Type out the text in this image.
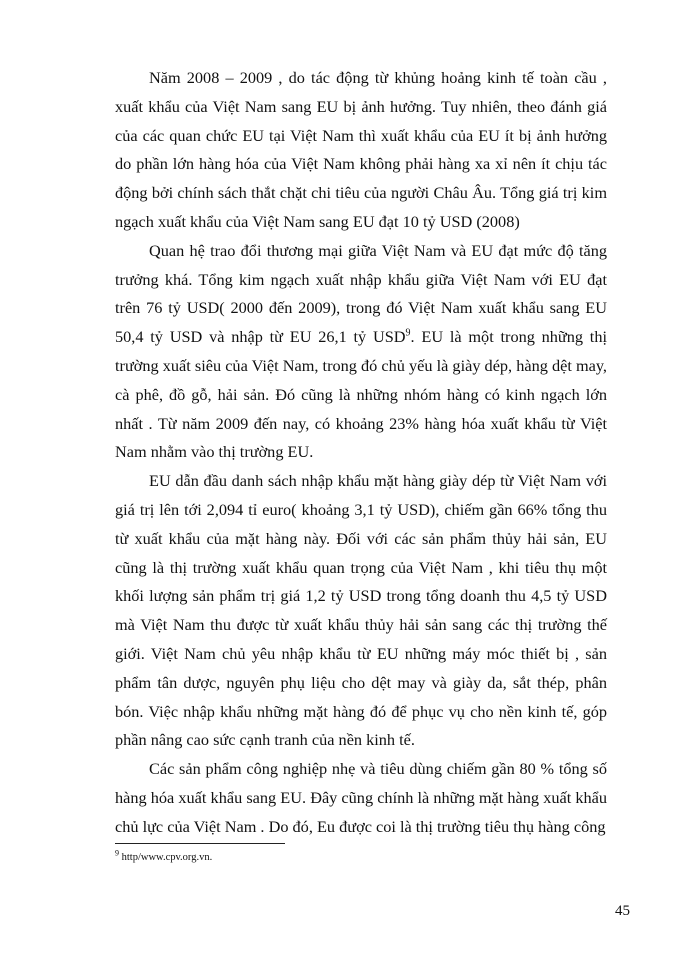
Năm 2008 – 2009 , do tác động từ khủng hoảng kinh tế toàn cầu , xuất khẩu của Việt Nam sang EU bị ảnh hưởng. Tuy nhiên, theo đánh giá của các quan chức EU tại Việt Nam thì xuất khẩu của EU ít bị ảnh hưởng do phần lớn hàng hóa của Việt Nam không phải hàng xa xỉ nên ít chịu tác động bởi chính sách thắt chặt chi tiêu của người Châu Âu. Tổng giá trị kim ngạch xuất khẩu của Việt Nam sang EU đạt 10 tỷ USD (2008)

Quan hệ trao đổi thương mại giữa Việt Nam và EU đạt mức độ tăng trưởng khá. Tổng kim ngạch xuất nhập khẩu giữa Việt Nam với EU đạt trên 76 tỷ USD( 2000 đến 2009), trong đó Việt Nam xuất khẩu sang EU 50,4 tỷ USD và nhập từ EU 26,1 tỷ USD$^9$. EU là một trong những thị trường xuất siêu của Việt Nam, trong đó chủ yếu là giày dép, hàng dệt may, cà phê, đồ gỗ, hải sản. Đó cũng là những nhóm hàng có kinh ngạch lớn nhất . Từ năm 2009 đến nay, có khoảng 23% hàng hóa xuất khẩu từ Việt Nam nhằm vào thị trường EU.

EU dẫn đầu danh sách nhập khẩu mặt hàng giày dép từ Việt Nam với giá trị lên tới 2,094 tỉ euro( khoảng 3,1 tỷ USD), chiếm gần 66% tổng thu từ xuất khẩu của mặt hàng này. Đối với các sản phẩm thủy hải sản, EU cũng là thị trường xuất khẩu quan trọng của Việt Nam , khi tiêu thụ một khối lượng sản phẩm trị giá 1,2 tỷ USD trong tổng doanh thu 4,5 tỷ USD mà Việt Nam thu được từ xuất khẩu thủy hải sản sang các thị trường thế giới. Việt Nam chủ yêu nhập khẩu từ EU những máy móc thiết bị , sản phẩm tân dược, nguyên phụ liệu cho dệt may và giày da, sắt thép, phân bón. Việc nhập khẩu những mặt hàng đó để phục vụ cho nền kinh tế, góp phần nâng cao sức cạnh tranh của nền kinh tế.

Các sản phẩm công nghiệp nhẹ và tiêu dùng chiếm gần 80 % tổng số hàng hóa xuất khẩu sang EU. Đây cũng chính là những mặt hàng xuất khẩu chủ lực của Việt Nam . Do đó, Eu được coi là thị trường tiêu thụ hàng công

$^9$ http/www.cpv.org.vn.
45
